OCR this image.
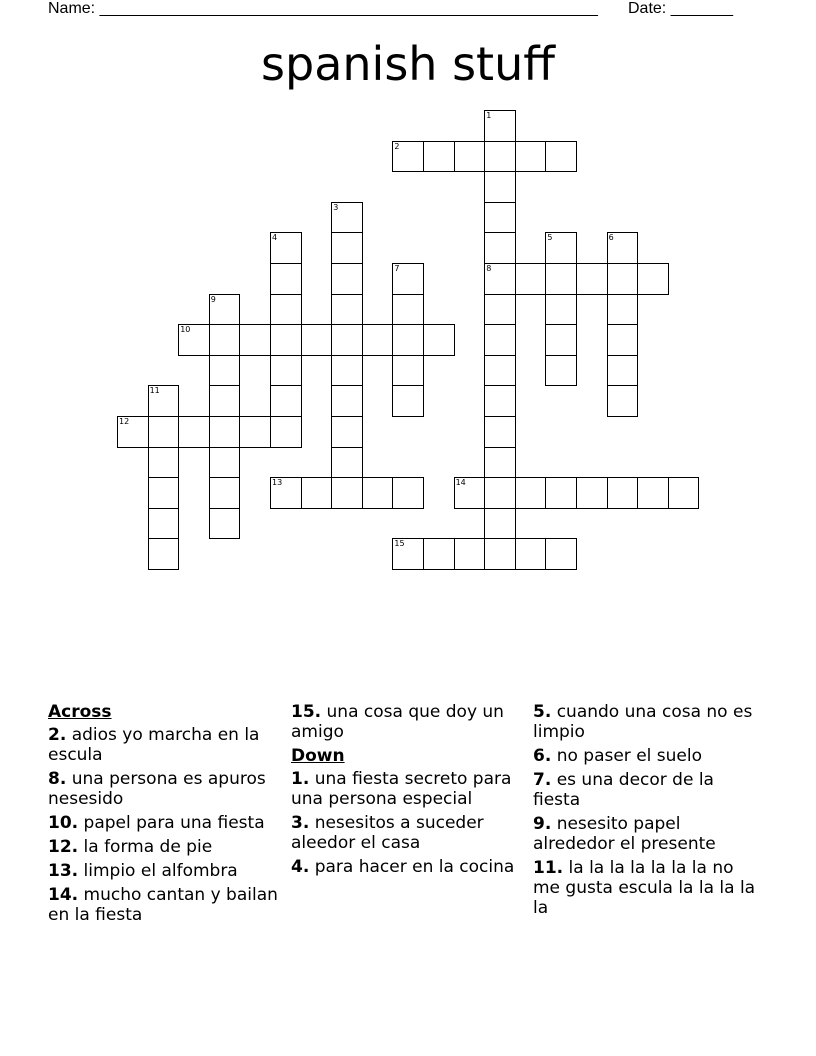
Name: ________________________________________________________ Date: _______
spanish stuff
1
8
2
3
4	5	6
7
9
10
11
12
13	14
15
Across
2. adios yo marcha en la escula
8. una persona es apuros nesesido
10. papel para una fiesta
12. la forma de pie
13. limpio el alfombra
14. mucho cantan y bailan en la fiesta
15. una cosa que doy un amigo
Down
1. una fiesta secreto para una persona especial
3. nesesitos a suceder aleedor el casa
4. para hacer en la cocina
5. cuando una cosa no es limpio
6. no paser el suelo
7. es una decor de la fiesta
9. nesesito papel alrededor el presente
11. la la la la la la la no me gusta escula la la la la la
